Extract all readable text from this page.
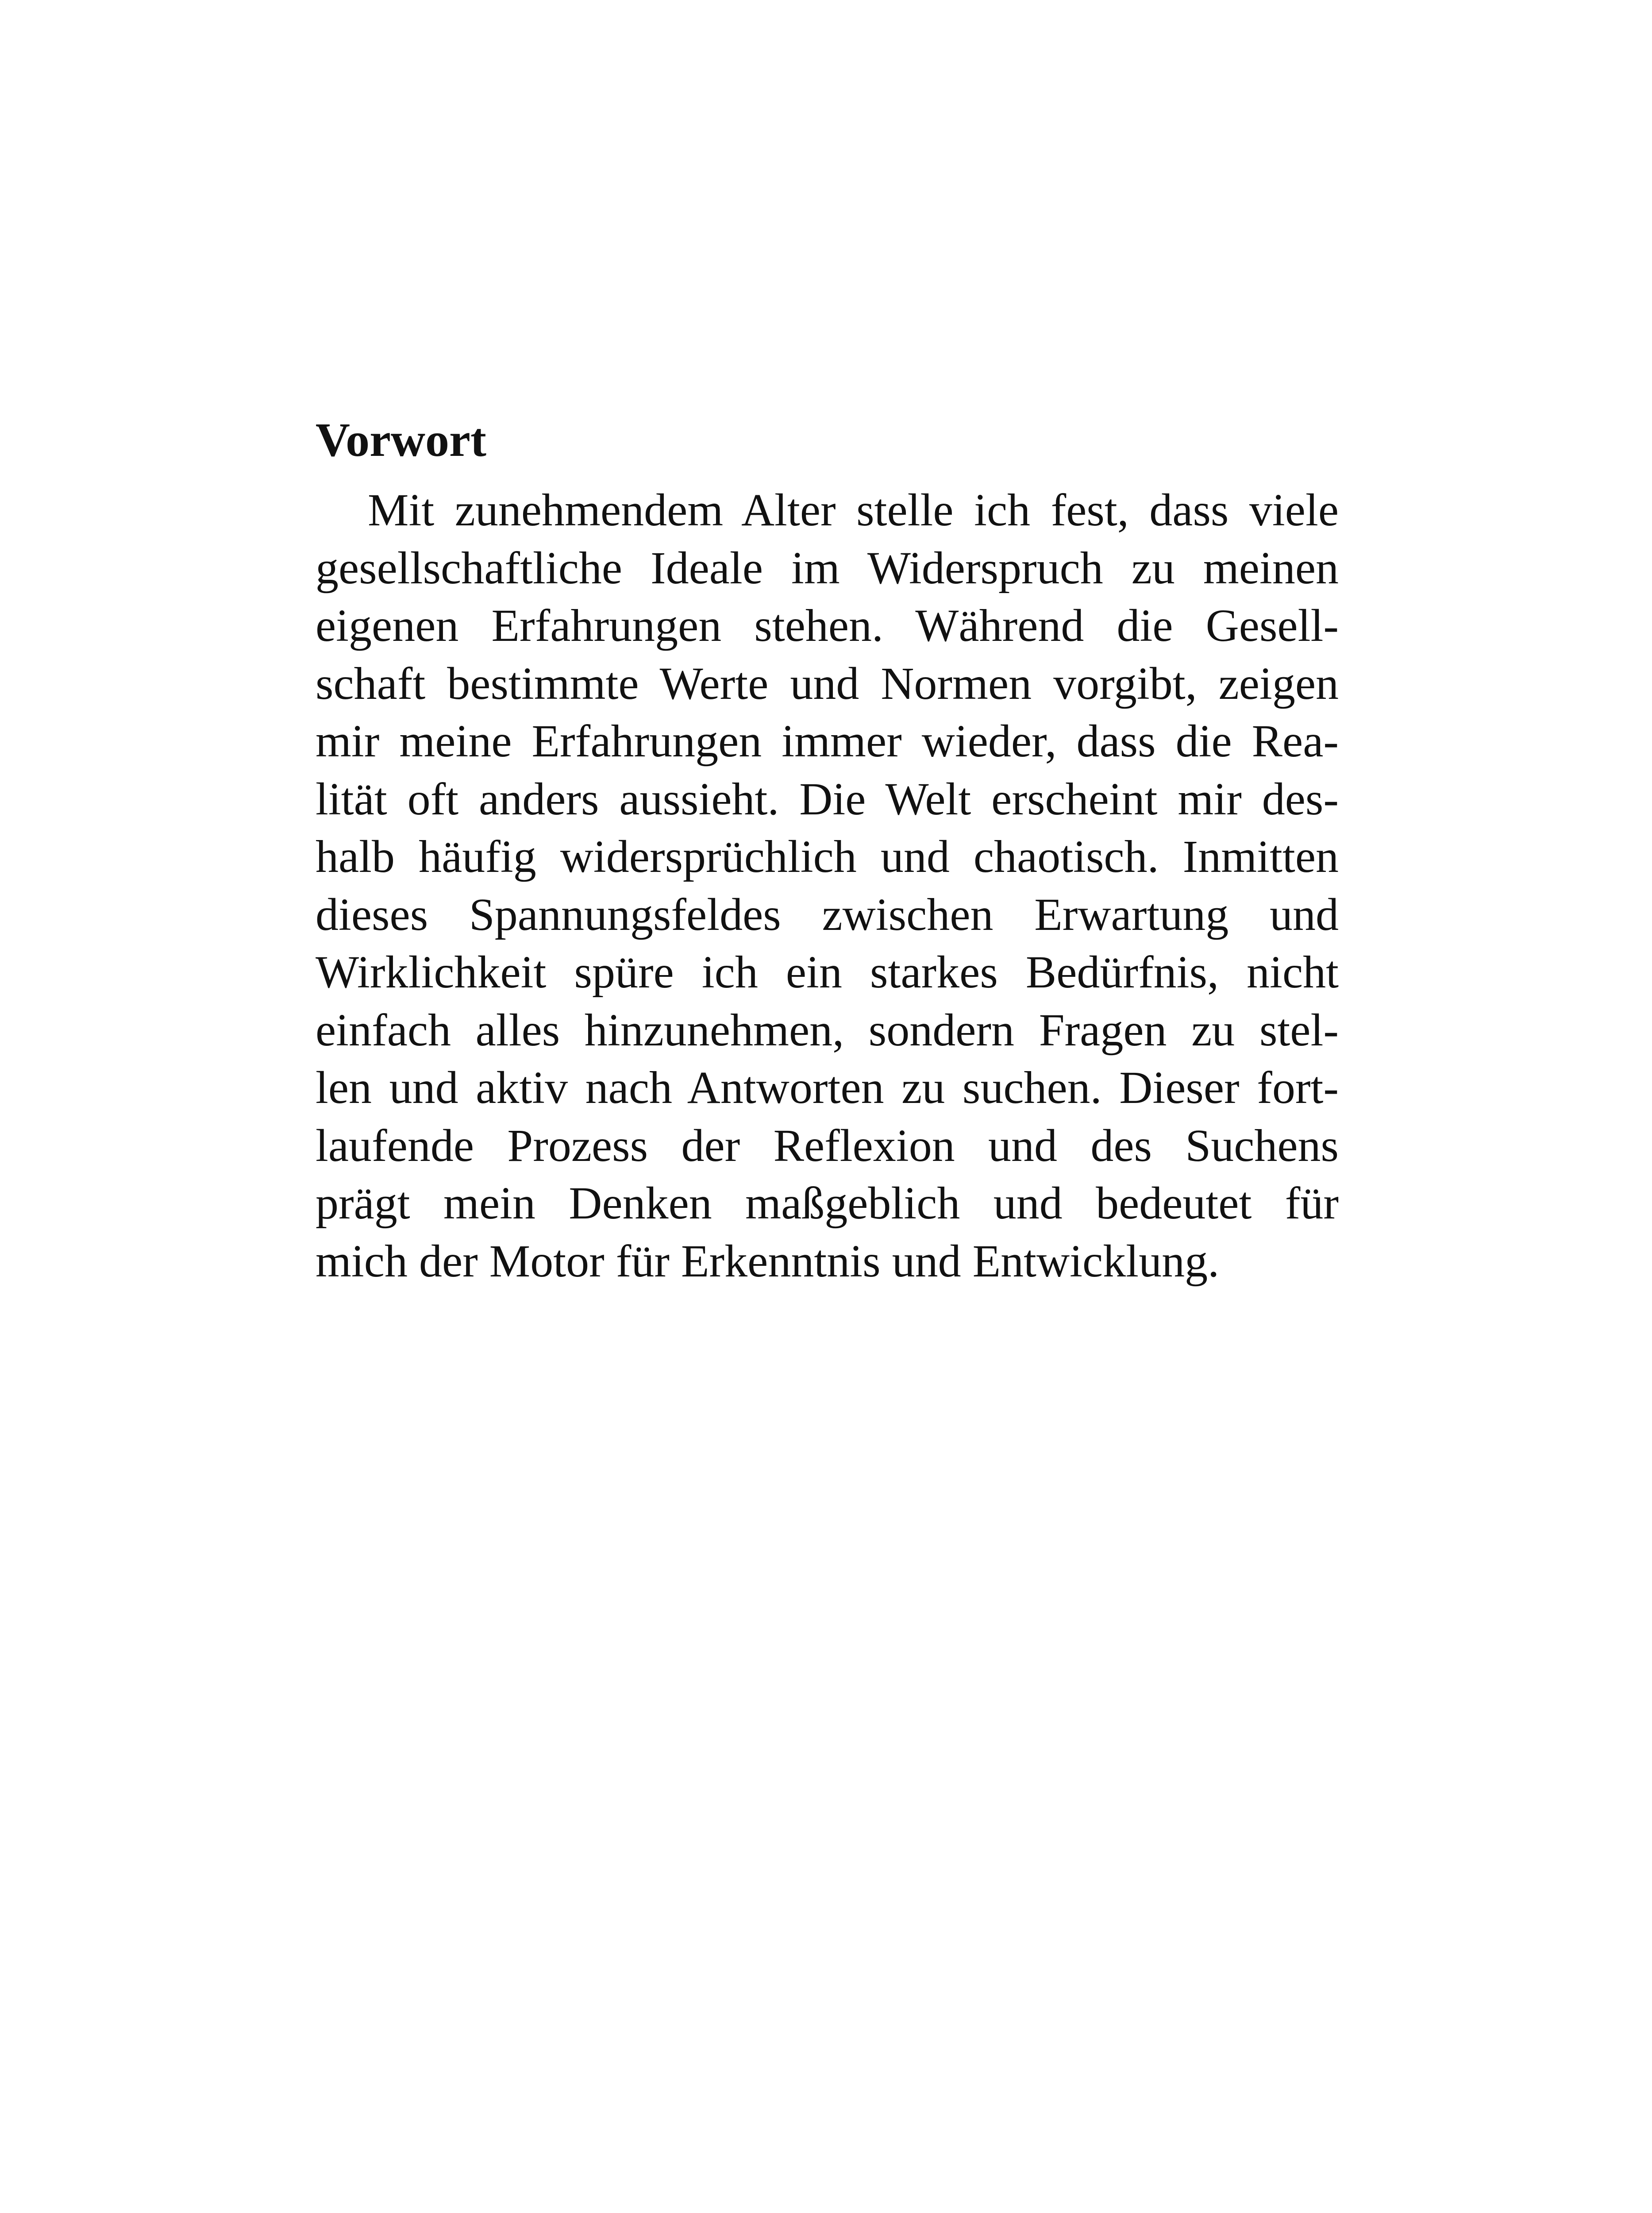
Vorwort
Mit zunehmendem Alter stelle ich fest, dass viele
gesellschaftliche Ideale im Widerspruch zu meinen
eigenen Erfahrungen stehen. Während die Gesell-
schaft bestimmte Werte und Normen vorgibt, zeigen
mir meine Erfahrungen immer wieder, dass die Rea-
lität oft anders aussieht. Die Welt erscheint mir des-
halb häufig widersprüchlich und chaotisch. Inmitten
dieses Spannungsfeldes zwischen Erwartung und
Wirklichkeit spüre ich ein starkes Bedürfnis, nicht
einfach alles hinzunehmen, sondern Fragen zu stel-
len und aktiv nach Antworten zu suchen. Dieser fort-
laufende Prozess der Reflexion und des Suchens
prägt mein Denken maßgeblich und bedeutet für
mich der Motor für Erkenntnis und Entwicklung.
